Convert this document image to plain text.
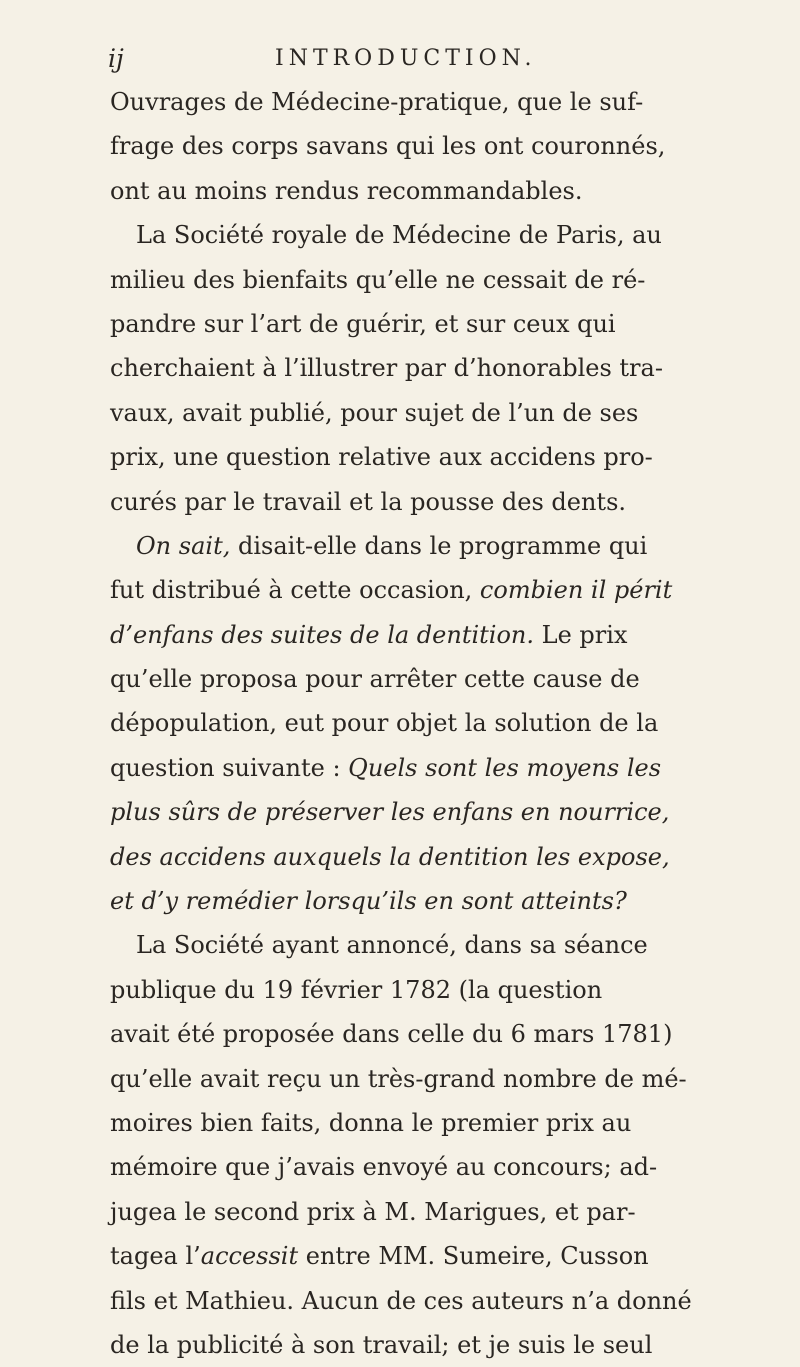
ij	INTRODUCTION.
Ouvrages de Médecine-pratique, que le suf-
frage des corps savans qui les ont couronnés,
ont au moins rendus recommandables.
La Société royale de Médecine de Paris, au
milieu des bienfaits qu’elle ne cessait de ré-
pandre sur l’art de guérir, et sur ceux qui
cherchaient à l’illustrer par d’honorables tra-
vaux, avait publié, pour sujet de l’un de ses
prix, une question relative aux accidens pro-
curés par le travail et la pousse des dents.
On sait, disait-elle dans le programme qui
fut distribué à cette occasion, combien il périt
d’enfans des suites de la dentition. Le prix
qu’elle proposa pour arrêter cette cause de
dépopulation, eut pour objet la solution de la
question suivante : Quels sont les moyens les
plus sûrs de préserver les enfans en nourrice,
des accidens auxquels la dentition les expose,
et d’y remédier lorsqu’ils en sont atteints?
La Société ayant annoncé, dans sa séance
publique du 19 février 1782 (la question
avait été proposée dans celle du 6 mars 1781)
qu’elle avait reçu un très-grand nombre de mé-
moires bien faits, donna le premier prix au
mémoire que j’avais envoyé au concours; ad-
jugea le second prix à M. Marigues, et par-
tagea l’accessit entre MM. Sumeire, Cusson
fils et Mathieu. Aucun de ces auteurs n’a donné
de la publicité à son travail; et je suis le seul
